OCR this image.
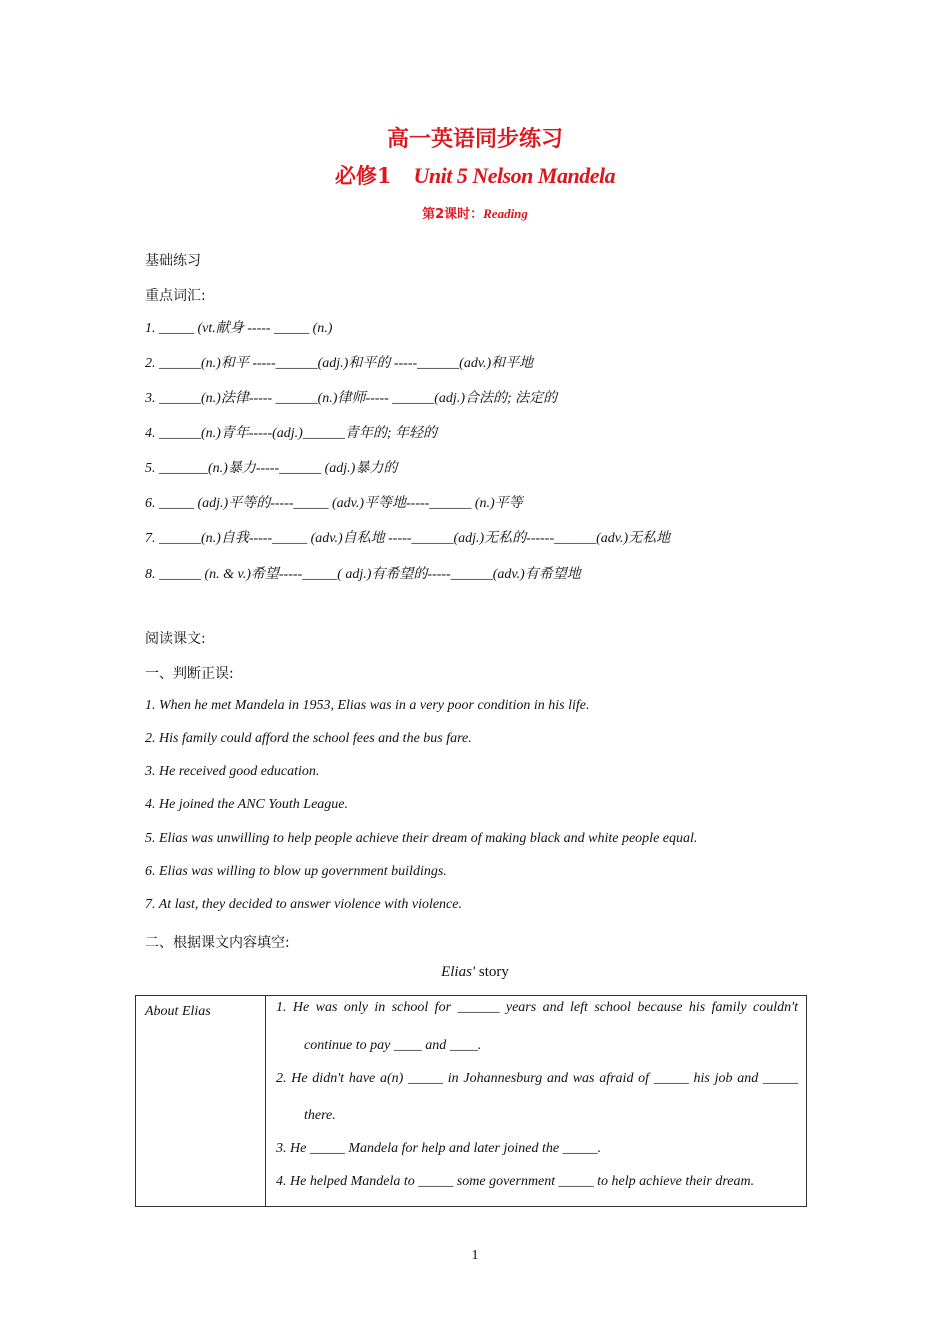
高一英语同步练习
必修1 Unit 5 Nelson Mandela
第2课时：Reading
基础练习
重点词汇:
1. _____ (vt.献身 ----- _____ (n.)
2. ______(n.)和平 -----______(adj.)和平的 -----______(adv.)和平地
3. ______(n.)法律----- ______(n.)律师----- ______(adj.)合法的; 法定的
4. ______(n.)青年-----(adj.)______青年的; 年轻的
5. _______(n.)暴力-----______ (adj.)暴力的
6. _____ (adj.)平等的-----_____ (adv.)平等地-----______ (n.)平等
7. ______(n.)自我-----_____ (adv.)自私地 -----______(adj.)无私的------______(adv.)无私地
8. ______ (n. & v.)希望-----_____( adj.)有希望的-----______(adv.)有希望地
阅读课文:
一、判断正误:
1. When he met Mandela in 1953, Elias was in a very poor condition in his life.
2. His family could afford the school fees and the bus fare.
3. He received good education.
4. He joined the ANC Youth League.
5. Elias was unwilling to help people achieve their dream of making black and white people equal.
6. Elias was willing to blow up government buildings.
7. At last, they decided to answer violence with violence.
二、根据课文内容填空:
Elias' story
About Elias	1. He was only in school for ______ years and left school because his family couldn't
continue to pay ____ and ____.
2. He didn't have a(n) _____ in Johannesburg and was afraid of _____ his job and _____
there.
3. He _____ Mandela for help and later joined the _____.
4. He helped Mandela to _____ some government _____ to help achieve their dream.
1
